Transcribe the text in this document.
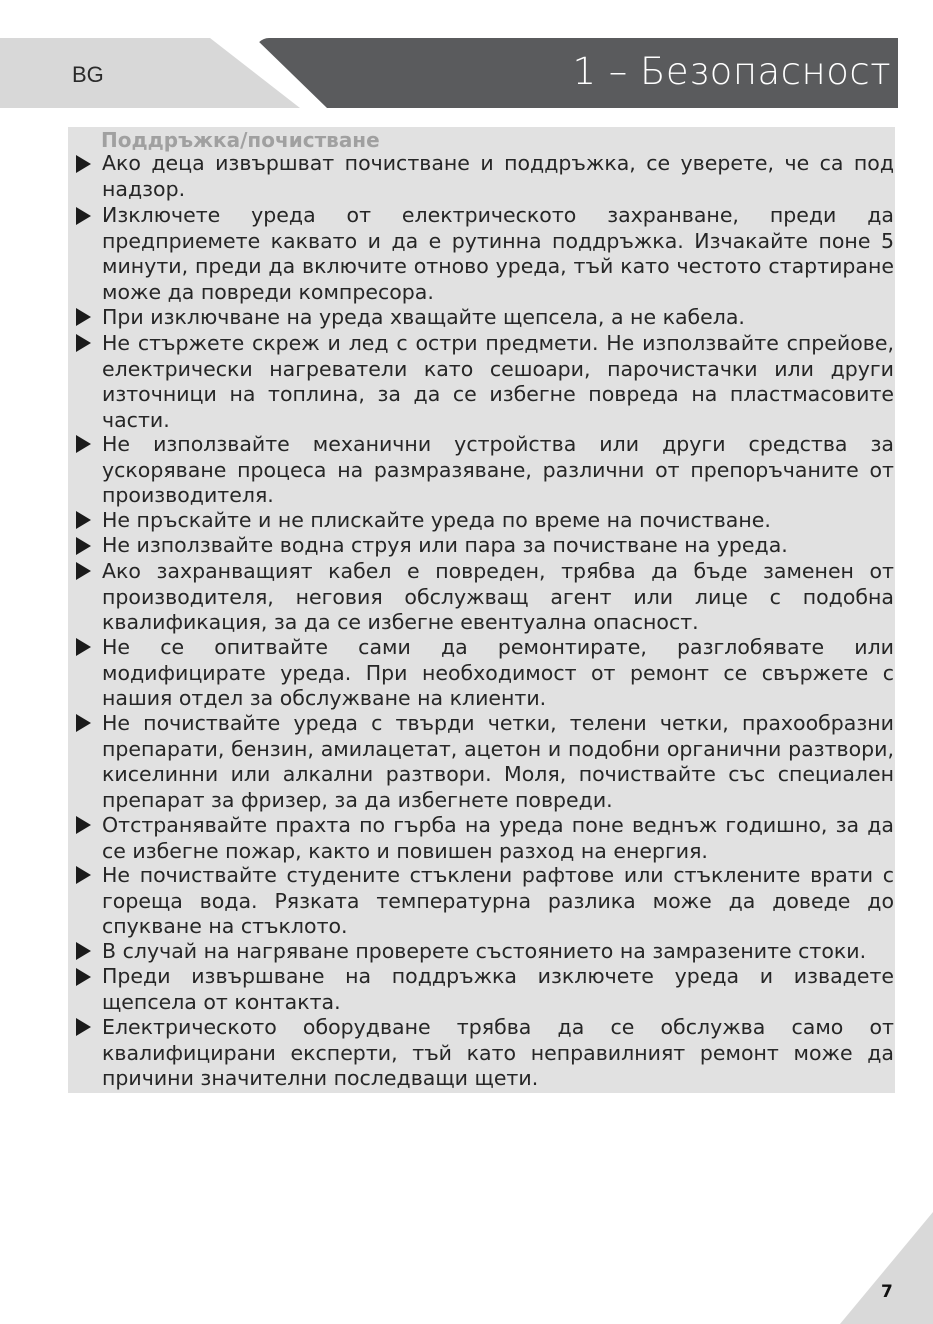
BG	1 – Безопасност
Поддръжка/почистване
Ако деца извършват почистване и поддръжка, се уверете, че са под надзор.
Изключете уреда от електрическото захранване, преди да предприемете каквато и да е рутинна поддръжка. Изчакайте поне 5 минути, преди да включите отново уреда, тъй като честото стартиране може да повреди компресора.
При изключване на уреда хващайте щепсела, а не кабела.
Не стържете скреж и лед с остри предмети. Не използвайте спрейове, електрически нагреватели като сешоари, парочистачки или други източници на топлина, за да се избегне повреда на пластмасовите части.
Не използвайте механични устройства или други средства за ускоряване процеса на размразяване, различни от препоръчаните от производителя.
Не пръскайте и не плискайте уреда по време на почистване.
Не използвайте водна струя или пара за почистване на уреда.
Ако захранващият кабел е повреден, трябва да бъде заменен от производителя, неговия обслужващ агент или лице с подобна квалификация, за да се избегне евентуална опасност.
Не се опитвайте сами да ремонтирате, разглобявате или модифицирате уреда. При необходимост от ремонт се свържете с нашия отдел за обслужване на клиенти.
Не почиствайте уреда с твърди четки, телени четки, прахообразни препарати, бензин, амилацетат, ацетон и подобни органични разтвори, киселинни или алкални разтвори. Моля, почиствайте със специален препарат за фризер, за да избегнете повреди.
Отстранявайте прахта по гърба на уреда поне веднъж годишно, за да се избегне пожар, както и повишен разход на енергия.
Не почиствайте студените стъклени рафтове или стъклените врати с гореща вода. Рязката температурна разлика може да доведе до спукване на стъклото.
В случай на нагряване проверете състоянието на замразените стоки.
Преди извършване на поддръжка изключете уреда и извадете щепсела от контакта.
Електрическото оборудване трябва да се обслужва само от квалифицирани експерти, тъй като неправилният ремонт може да причини значителни последващи щети.
7
